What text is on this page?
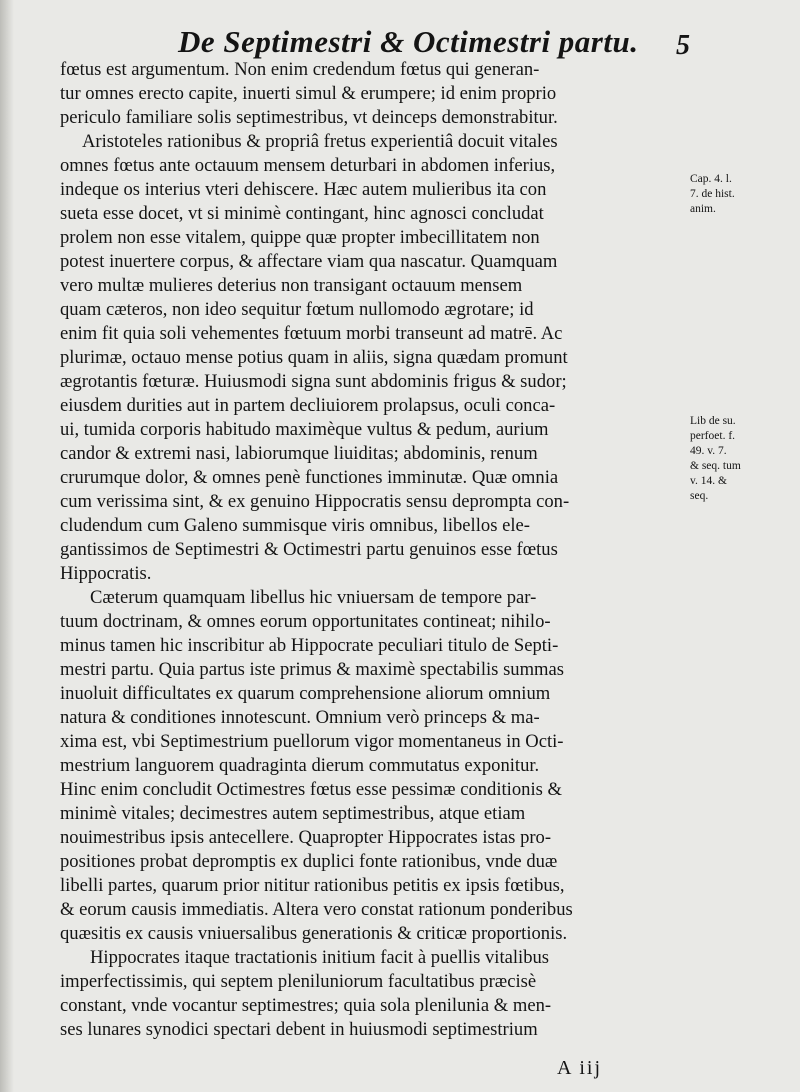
De Septimestri & Octimestri partu. 5
fœtus est argumentum. Non enim credendum fœtus qui generan-
tur omnes erecto capite, inuerti simul & erumpere; id enim proprio
periculo familiare solis septimestribus, vt deinceps demonstrabitur.
Aristoteles rationibus & propriâ fretus experientiâ docuit vitales
omnes fœtus ante octauum mensem deturbari in abdomen inferius,
indeque os interius vteri dehiscere. Hæc autem mulieribus ita con
sueta esse docet, vt si minimè contingant, hinc agnosci concludat
prolem non esse vitalem, quippe quæ propter imbecillitatem non
potest inuertere corpus, & affectare viam qua nascatur. Quamquam
vero multæ mulieres deterius non transigant octauum mensem
quam cæteros, non ideo sequitur fœtum nullomodo ægrotare; id
enim fit quia soli vehementes fœtuum morbi transeunt ad matrē. Ac
plurimæ, octauo mense potius quam in aliis, signa quædam promunt
ægrotantis fœturæ. Huiusmodi signa sunt abdominis frigus & sudor;
eiusdem durities aut in partem decliuiorem prolapsus, oculi conca-
ui, tumida corporis habitudo maximèque vultus & pedum, aurium
candor & extremi nasi, labiorumque liuiditas; abdominis, renum
crurumque dolor, & omnes penè functiones imminutæ. Quæ omnia
cum verissima sint, & ex genuino Hippocratis sensu deprompta con-
cludendum cum Galeno summisque viris omnibus, libellos ele-
gantissimos de Septimestri & Octimestri partu genuinos esse fœtus
Hippocratis.
Cæterum quamquam libellus hic vniuersam de tempore par-
tuum doctrinam, & omnes eorum opportunitates contineat; nihilo-
minus tamen hic inscribitur ab Hippocrate peculiari titulo de Septi-
mestri partu. Quia partus iste primus & maximè spectabilis summas
inuoluit difficultates ex quarum comprehensione aliorum omnium
natura & conditiones innotescunt. Omnium verò princeps & ma-
xima est, vbi Septimestrium puellorum vigor momentaneus in Octi-
mestrium languorem quadraginta dierum commutatus exponitur.
Hinc enim concludit Octimestres fœtus esse pessimæ conditionis &
minimè vitales; decimestres autem septimestribus, atque etiam
nouimestribus ipsis antecellere. Quapropter Hippocrates istas pro-
positiones probat depromptis ex duplici fonte rationibus, vnde duæ
libelli partes, quarum prior nititur rationibus petitis ex ipsis fœtibus,
& eorum causis immediatis. Altera vero constat rationum ponderibus
quæsitis ex causis vniuersalibus generationis & criticæ proportionis.
Hippocrates itaque tractationis initium facit à puellis vitalibus
imperfectissimis, qui septem pleniluniorum facultatibus præcisè
constant, vnde vocantur septimestres; quia sola plenilunia & men-
ses lunares synodici spectari debent in huiusmodi septimestrium
Cap. 4. l.
7. de hist.
anim.
Lib de su.
perfoet. f.
49. v. 7.
& seq. tum
v. 14. &
seq.
A iij
